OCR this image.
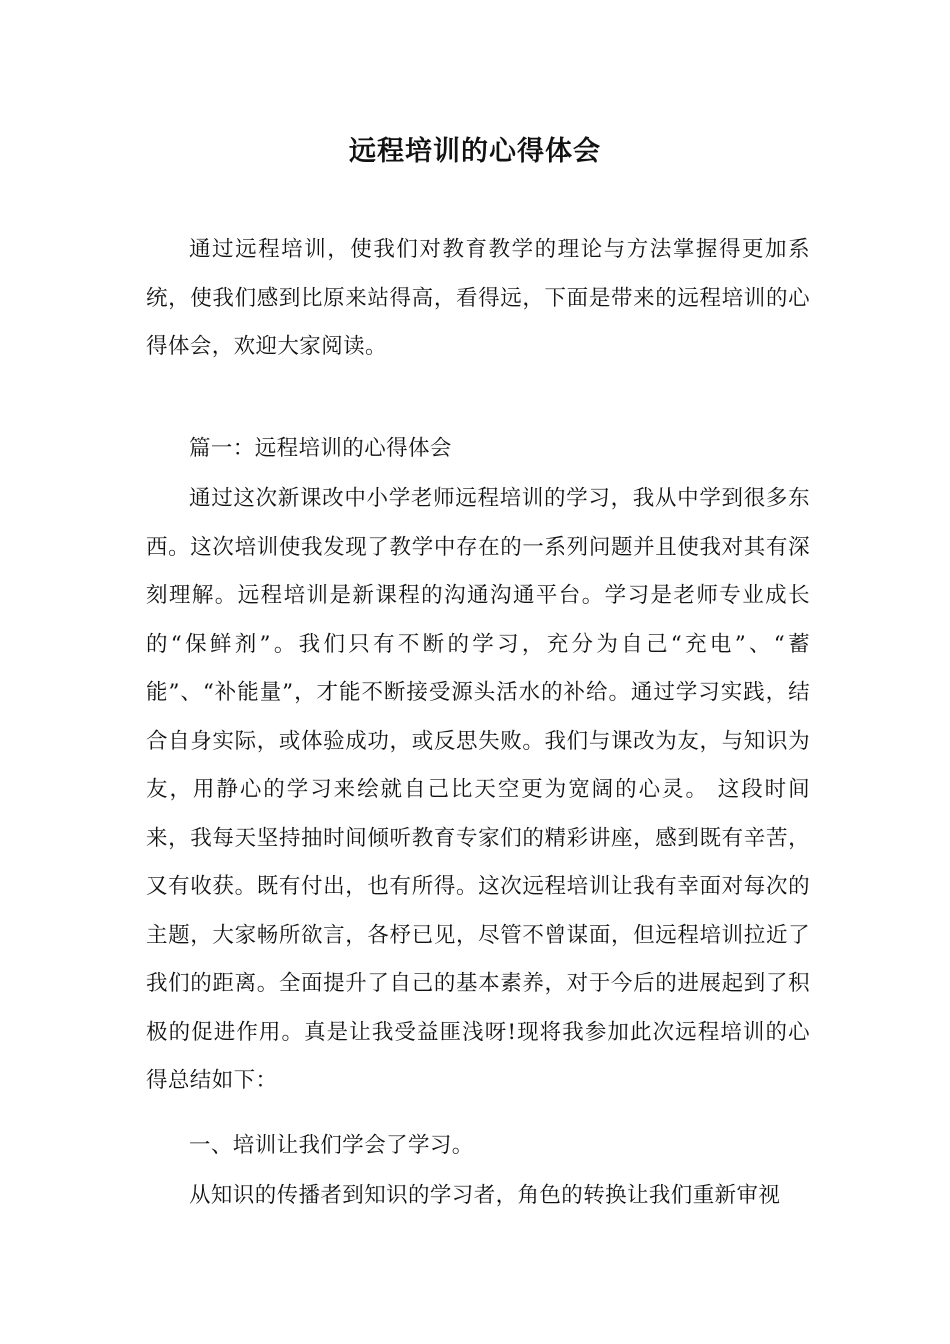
远程培训的心得体会

通过远程培训，使我们对教育教学的理论与方法掌握得更加系统，使我们感到比原来站得高，看得远，下面是带来的远程培训的心得体会，欢迎大家阅读。

篇一：远程培训的心得体会

通过这次新课改中小学老师远程培训的学习，我从中学到很多东西。这次培训使我发现了教学中存在的一系列问题并且使我对其有深刻理解。远程培训是新课程的沟通沟通平台。学习是老师专业成长的“保鲜剂”。我们只有不断的学习，充分为自己“充电”、“蓄能”、“补能量”，才能不断接受源头活水的补给。通过学习实践，结合自身实际，或体验成功，或反思失败。我们与课改为友，与知识为友，用静心的学习来绘就自己比天空更为宽阔的心灵。 这段时间来，我每天坚持抽时间倾听教育专家们的精彩讲座，感到既有辛苦，又有收获。既有付出，也有所得。这次远程培训让我有幸面对每次的主题，大家畅所欲言，各杼已见，尽管不曾谋面，但远程培训拉近了我们的距离。全面提升了自己的基本素养，对于今后的进展起到了积极的促进作用。真是让我受益匪浅呀!现将我参加此次远程培训的心得总结如下：

一、培训让我们学会了学习。

从知识的传播者到知识的学习者，角色的转换让我们重新审视
